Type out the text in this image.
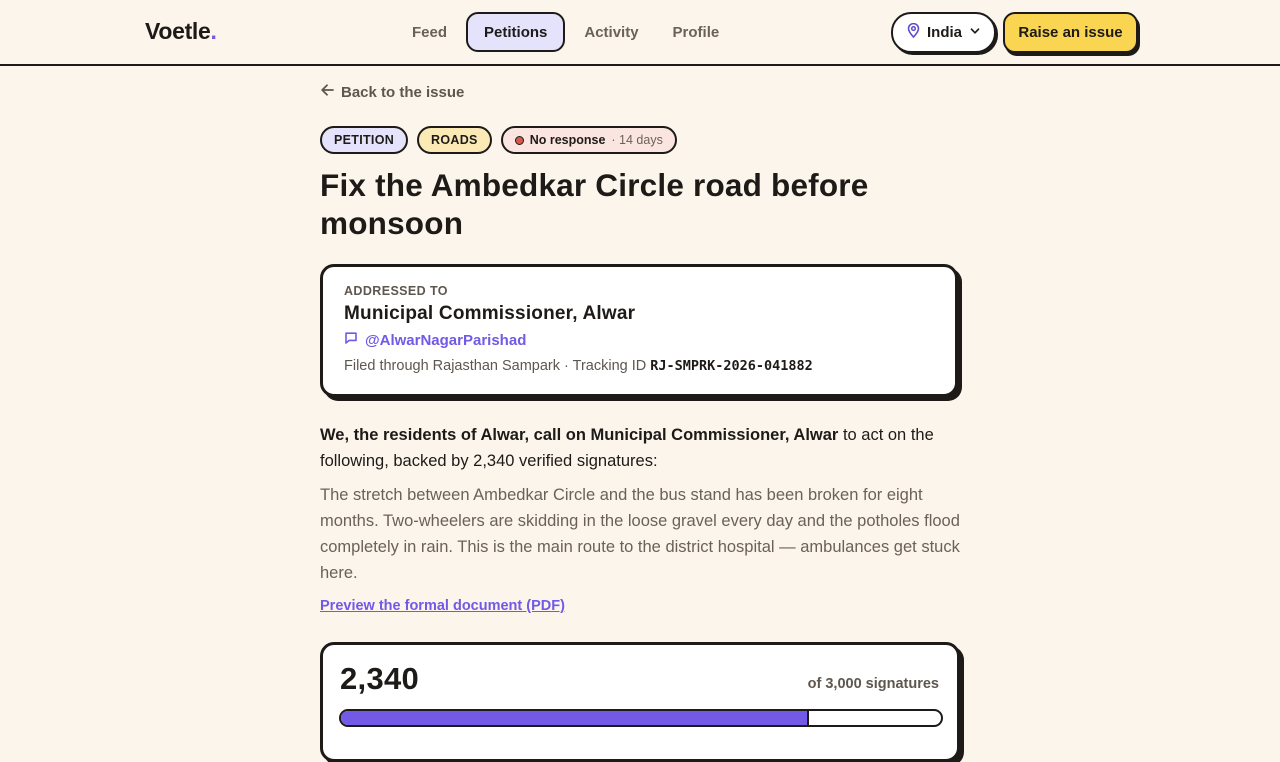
Voetle.	Feed	Petitions	Activity	Profile	India	Raise an issue
Back to the issue
PETITION	ROADS	No response · 14 days
Fix the Ambedkar Circle road before monsoon
ADDRESSED TO
Municipal Commissioner, Alwar
@AlwarNagarParishad
Filed through Rajasthan Sampark · Tracking ID RJ-SMPRK-2026-041882

We, the residents of Alwar, call on Municipal Commissioner, Alwar to act on the following, backed by 2,340 verified signatures:

The stretch between Ambedkar Circle and the bus stand has been broken for eight months. Two-wheelers are skidding in the loose gravel every day and the potholes flood completely in rain. This is the main route to the district hospital — ambulances get stuck here.

Preview the formal document (PDF)
2,340	of 3,000 signatures
